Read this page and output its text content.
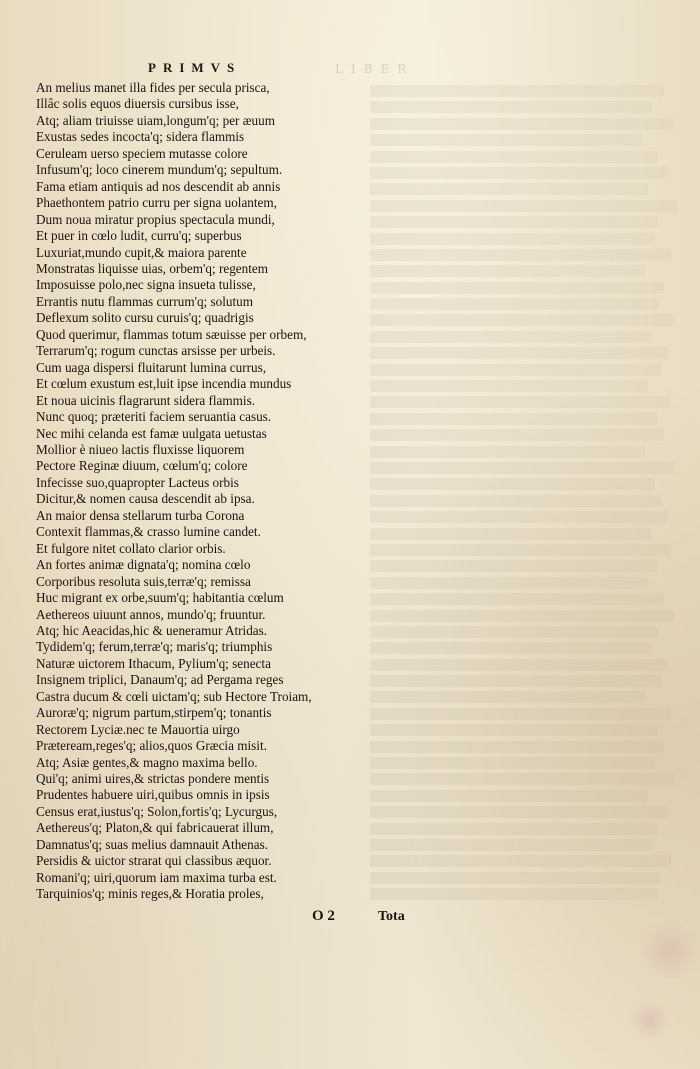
LIBER
PRIMVS
An melius manet illa fides per secula prisca,
Illâc solis equos diuersis cursibus isse,
Atq; aliam triuisse uiam,longum'q; per æuum
Exustas sedes incocta'q; sidera flammis
Ceruleam uerso speciem mutasse colore
Infusum'q; loco cinerem mundum'q; sepultum.
Fama etiam antiquis ad nos descendit ab annis
Phaethontem patrio curru per signa uolantem,
Dum noua miratur propius spectacula mundi,
Et puer in cœlo ludit, curru'q; superbus
Luxuriat,mundo cupit,& maiora parente
Monstratas liquisse uias, orbem'q; regentem
Imposuisse polo,nec signa insueta tulisse,
Errantis nutu flammas currum'q; solutum
Deflexum solito cursu curuis'q; quadrigis
Quod querimur, flammas totum sæuisse per orbem,
Terrarum'q; rogum cunctas arsisse per urbeis.
Cum uaga dispersi fluitarunt lumina currus,
Et cœlum exustum est,luit ipse incendia mundus
Et noua uicinis flagrarunt sidera flammis.
Nunc quoq; præteriti faciem seruantia casus.
Nec mihi celanda est famæ uulgata uetustas
Mollior è niueo lactis fluxisse liquorem
Pectore Reginæ diuum, cœlum'q; colore
Infecisse suo,quapropter Lacteus orbis
Dicitur,& nomen causa descendit ab ipsa.
An maior densa stellarum turba Corona
Contexit flammas,& crasso lumine candet.
Et fulgore nitet collato clarior orbis.
An fortes animæ dignata'q; nomina cœlo
Corporibus resoluta suis,terræ'q; remissa
Huc migrant ex orbe,suum'q; habitantia cœlum
Aethereos uiuunt annos, mundo'q; fruuntur.
Atq; hic Aeacidas,hic & ueneramur Atridas.
Tydidem'q; ferum,terræ'q; maris'q; triumphis
Naturæ uictorem Ithacum, Pylium'q; senecta
Insignem triplici, Danaum'q; ad Pergama reges
Castra ducum & cœli uictam'q; sub Hectore Troiam,
Auroræ'q; nigrum partum,stirpem'q; tonantis
Rectorem Lyciæ.nec te Mauortia uirgo
Præteream,reges'q; alios,quos Græcia misit.
Atq; Asiæ gentes,& magno maxima bello.
Qui'q; animi uires,& strictas pondere mentis
Prudentes habuere uiri,quibus omnis in ipsis
Census erat,iustus'q; Solon,fortis'q; Lycurgus,
Aethereus'q; Platon,& qui fabricauerat illum,
Damnatus'q; suas melius damnauit Athenas.
Persidis & uictor strarat qui classibus æquor.
Romani'q; uiri,quorum iam maxima turba est.
Tarquinios'q; minis reges,& Horatia proles,
O 2	Tota
